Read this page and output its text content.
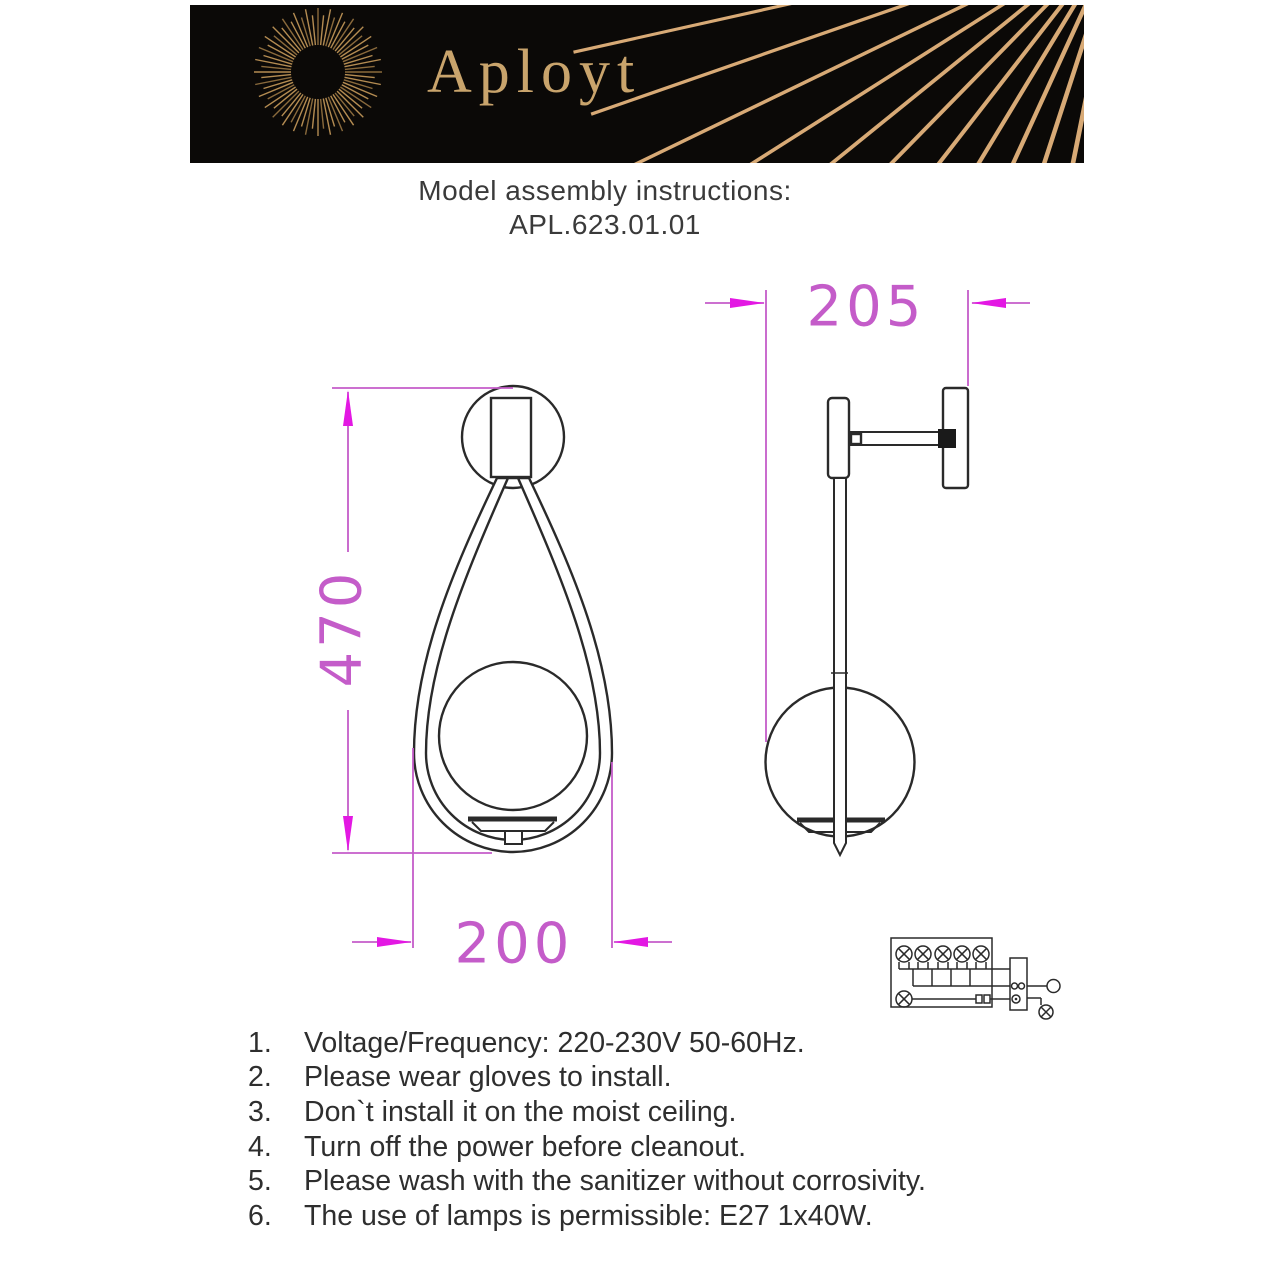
Aployt
Model assembly instructions:
APL.623.01.01
470
200
205
1.	Voltage/Frequency: 220-230V 50-60Hz.
2.	Please wear gloves to install.
3.	Don`t install it on the moist ceiling.
4.	Turn off the power before cleanout.
5.	Please wash with the sanitizer without corrosivity.
6.	The use of lamps is permissible: E27 1x40W.
